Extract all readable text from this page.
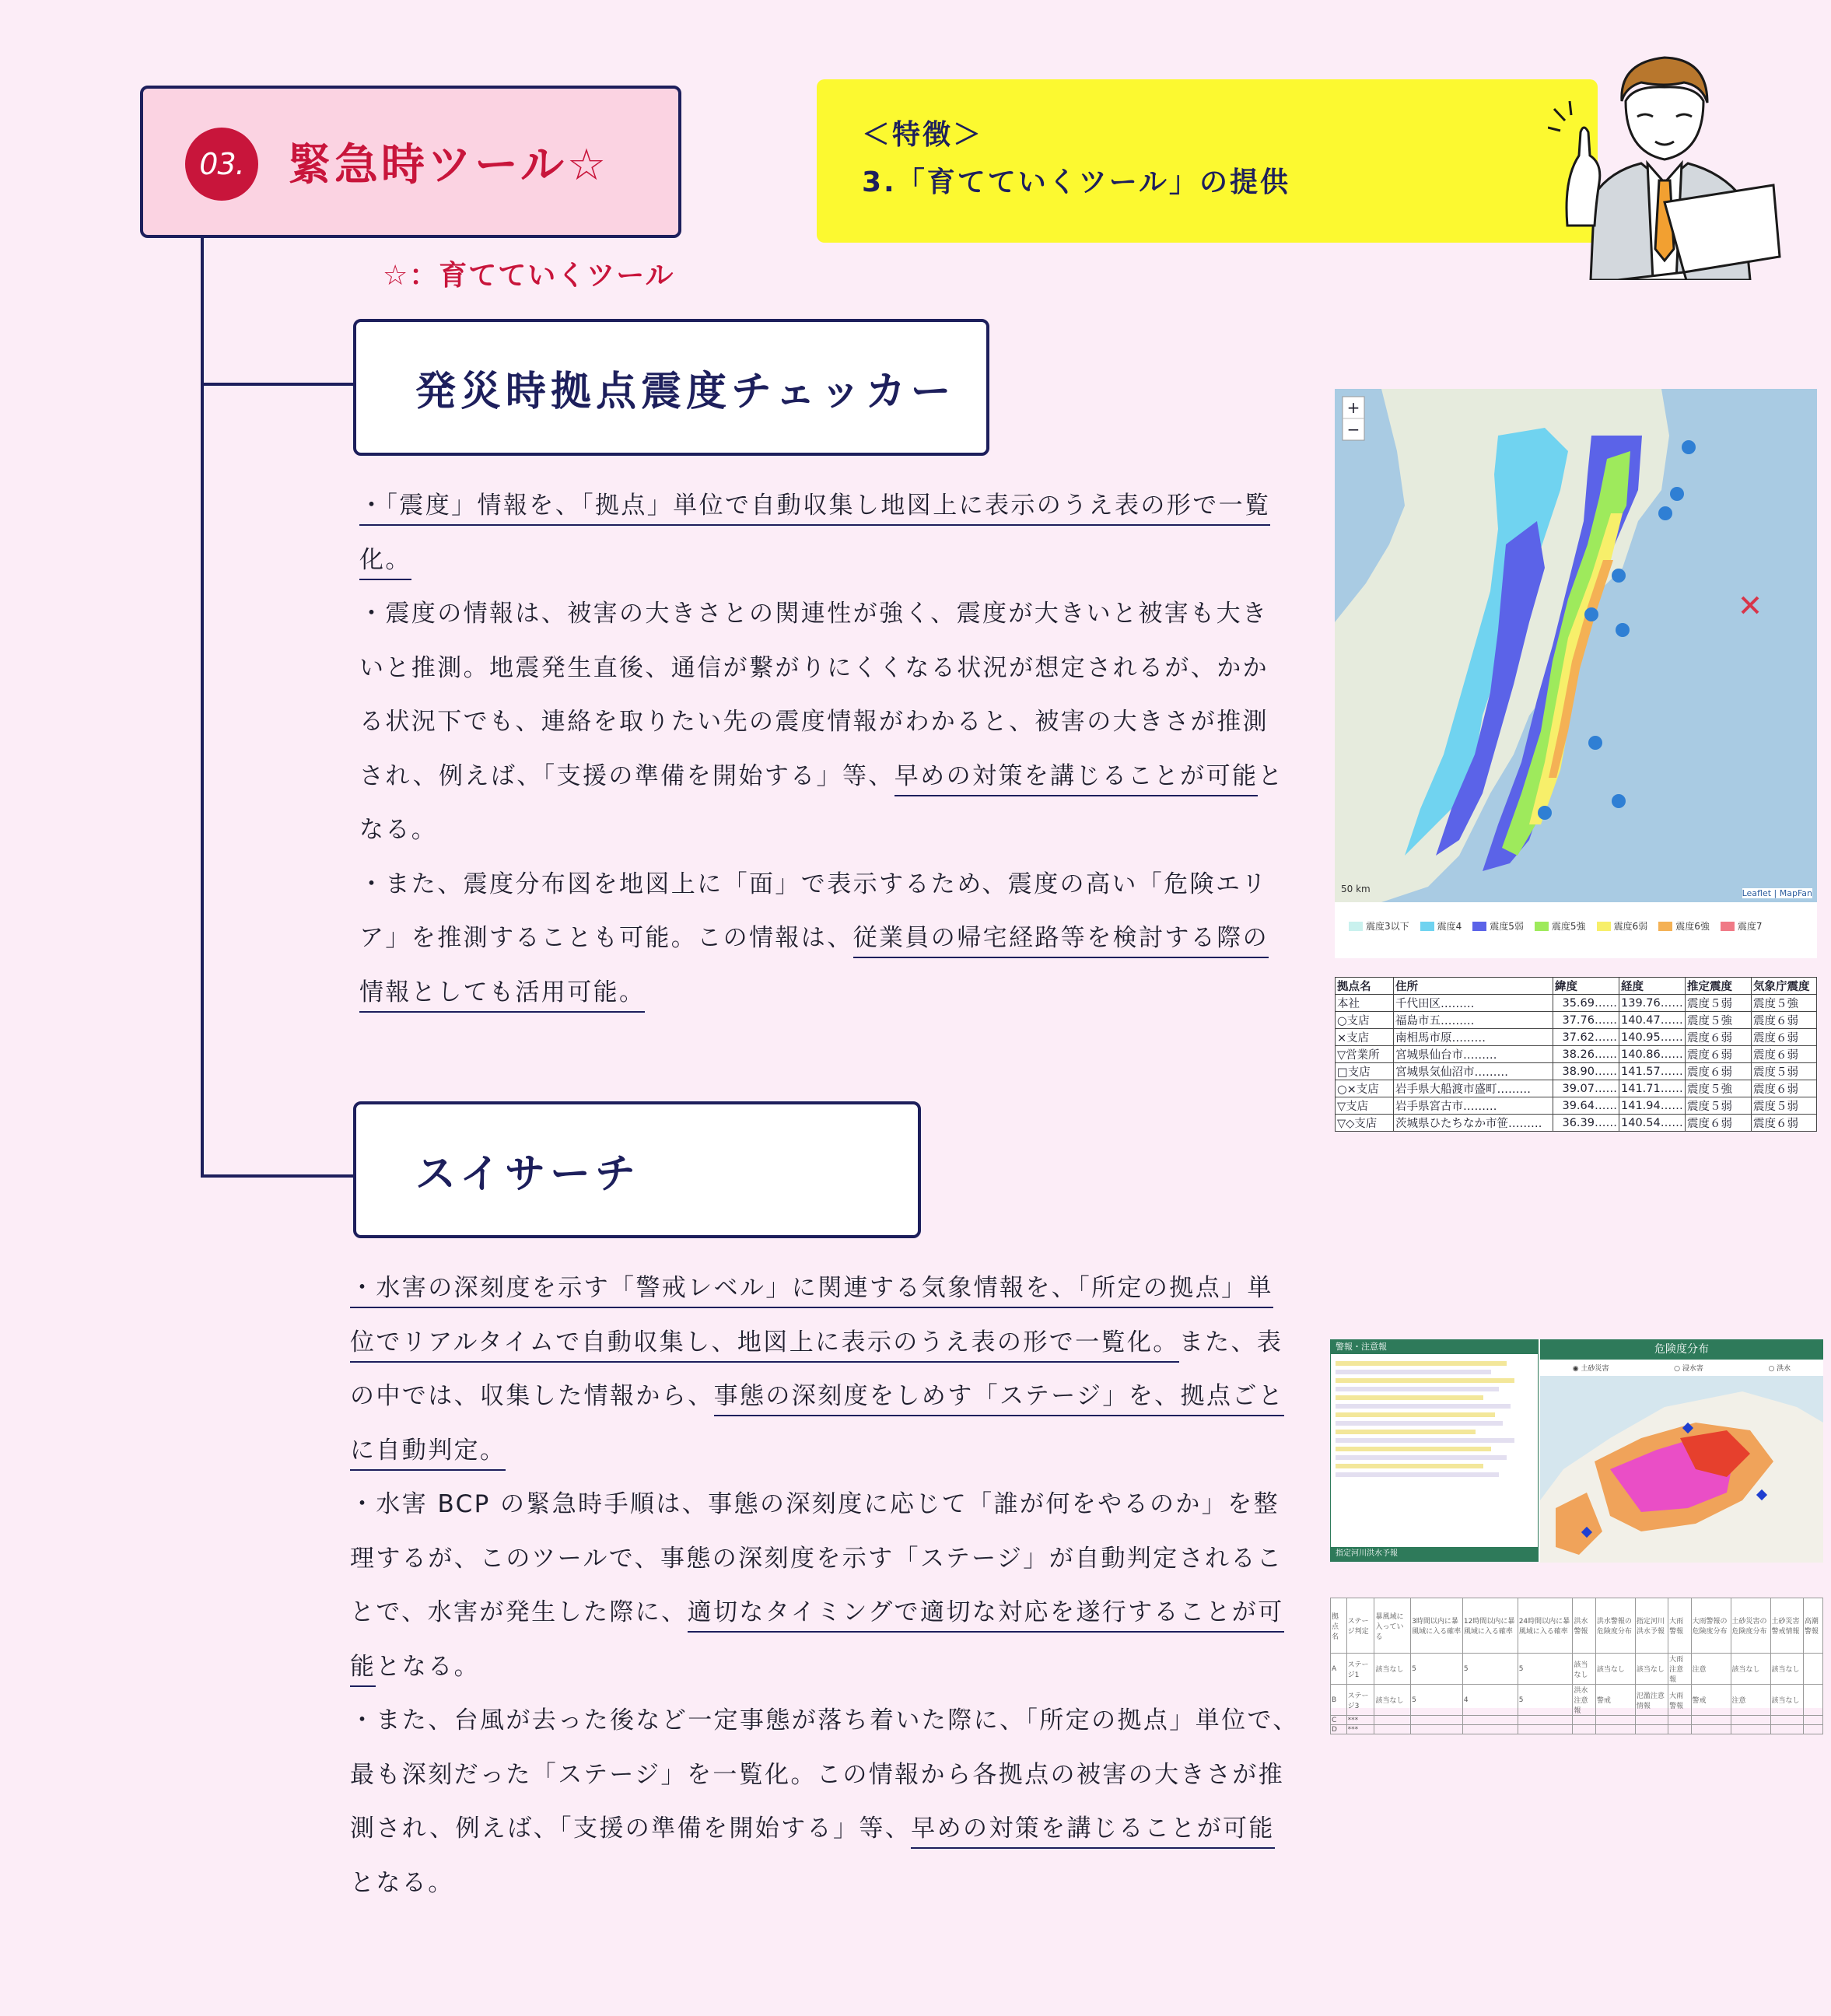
03.	緊急時ツール☆
☆：育てていくツール
＜特徴＞
3.「育てていくツール」の提供
発災時拠点震度チェッカー
・「震度」情報を、「拠点」単位で自動収集し地図上に表示のうえ表の形で一覧化。
・震度の情報は、被害の大きさとの関連性が強く、震度が大きいと被害も大きいと推測。地震発生直後、通信が繋がりにくくなる状況が想定されるが、かかる状況下でも、連絡を取りたい先の震度情報がわかると、被害の大きさが推測され、例えば、「支援の準備を開始する」等、早めの対策を講じることが可能となる。
・また、震度分布図を地図上に「面」で表示するため、震度の高い「危険エリア」を推測することも可能。この情報は、従業員の帰宅経路等を検討する際の情報としても活用可能。
+
−
50 km	Leaflet | MapFan
震度3以下	震度4	震度5弱	震度5強	震度6弱	震度6強	震度7
拠点名	住所	緯度	経度	推定震度	気象庁震度
本社	千代田区………	35.69……	139.76……	震度５弱	震度５強
○支店	福島市五………	37.76……	140.47……	震度５強	震度６弱
×支店	南相馬市原………	37.62……	140.95……	震度６弱	震度６弱
▽営業所	宮城県仙台市………	38.26……	140.86……	震度６弱	震度６弱
□支店	宮城県気仙沼市………	38.90……	141.57……	震度６弱	震度５弱
○×支店	岩手県大船渡市盛町………	39.07……	141.71……	震度５強	震度６弱
▽支店	岩手県宮古市………	39.64……	141.94……	震度５弱	震度５弱
▽◇支店	茨城県ひたちなか市笹………	36.39……	140.54……	震度６弱	震度６弱
スイサーチ
・水害の深刻度を示す「警戒レベル」に関連する気象情報を、「所定の拠点」単位でリアルタイムで自動収集し、地図上に表示のうえ表の形で一覧化。また、表の中では、収集した情報から、事態の深刻度をしめす「ステージ」を、拠点ごとに自動判定。
・水害 BCP の緊急時手順は、事態の深刻度に応じて「誰が何をやるのか」を整理するが、このツールで、事態の深刻度を示す「ステージ」が自動判定されることで、水害が発生した際に、適切なタイミングで適切な対応を遂行することが可能となる。
・また、台風が去った後など一定事態が落ち着いた際に、「所定の拠点」単位で、最も深刻だった「ステージ」を一覧化。この情報から各拠点の被害の大きさが推測され、例えば、「支援の準備を開始する」等、早めの対策を講じることが可能となる。
警報・注意報
指定河川洪水予報
危険度分布
◉ 土砂災害	○ 浸水害	○ 洪水
拠点名	ステージ判定	暴風域に入っている	3時間以内に暴風域に入る確率	12時間以内に暴風域に入る確率	24時間以内に暴風域に入る確率	洪水警報	洪水警報の危険度分布	指定河川洪水予報	大雨警報	大雨警報の危険度分布	土砂災害の危険度分布	土砂災害警戒情報	高潮警報
A	ステージ1	該当なし	5	5	5	該当なし	該当なし	該当なし	大雨注意報	注意	該当なし	該当なし	
B	ステージ3	該当なし	5	4	5	洪水注意報	警戒	氾濫注意情報	大雨警報	警戒	注意	該当なし	
C	***												
D	***												
